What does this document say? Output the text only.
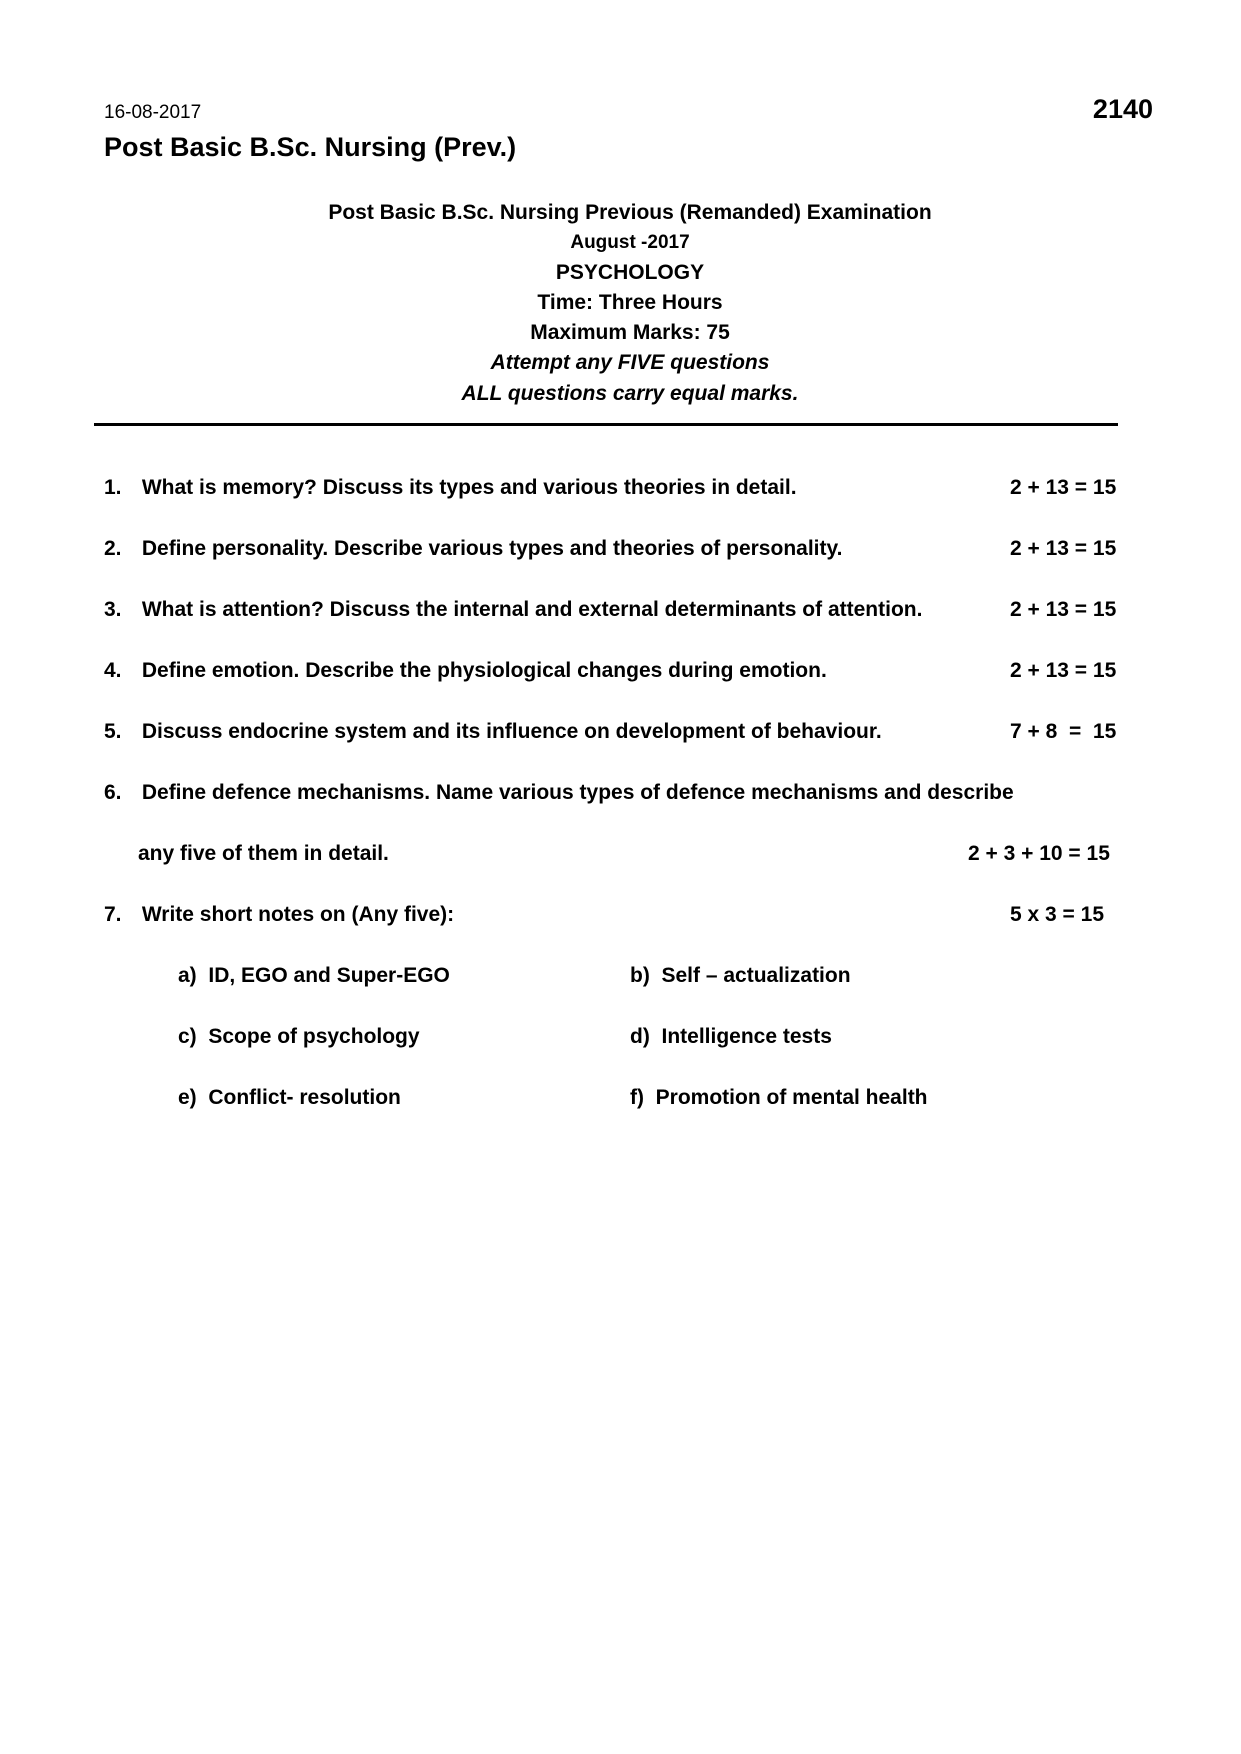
16-08-2017	2140
Post Basic B.Sc. Nursing (Prev.)
Post Basic B.Sc. Nursing Previous (Remanded) Examination
August -2017
PSYCHOLOGY
Time: Three Hours
Maximum Marks: 75
Attempt any FIVE questions
ALL questions carry equal marks.
1. What is memory? Discuss its types and various theories in detail.	2 + 13 = 15
2. Define personality. Describe various types and theories of personality.	2 + 13 = 15
3. What is attention? Discuss the internal and external determinants of attention.	2 + 13 = 15
4. Define emotion. Describe the physiological changes during emotion.	2 + 13 = 15
5. Discuss endocrine system and its influence on development of behaviour.	7 + 8  =  15
6. Define defence mechanisms. Name various types of defence mechanisms and describe
any five of them in detail.	2 + 3 + 10 = 15
7. Write short notes on (Any five):	5 x 3 = 15
a) ID, EGO and Super-EGO	b) Self – actualization
c) Scope of psychology	d) Intelligence tests
e) Conflict- resolution	f) Promotion of mental health
